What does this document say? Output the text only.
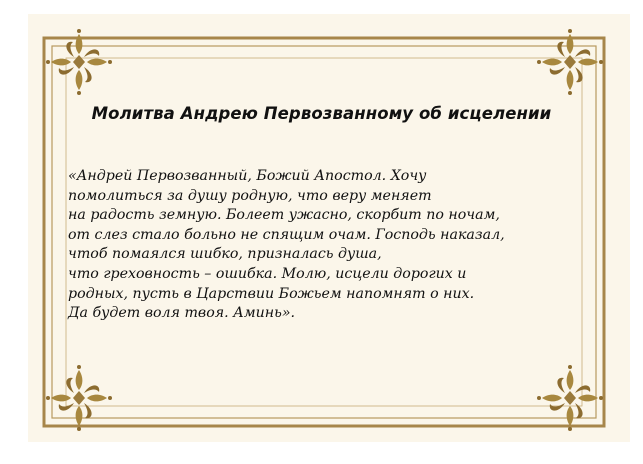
Молитва Андрею Первозванному об исцелении
«Андрей Первозванный, Божий Апостол. Хочу
помолиться за душу родную, что веру меняет
на радость земную. Болеет ужасно, скорбит по ночам,
от слез стало больно не спящим очам. Господь наказал,
чтоб помаялся шибко, призналась душа,
что греховность – ошибка. Молю, исцели дорогих и
родных, пусть в Царствии Божьем напомнят о них.
Да будет воля твоя. Аминь».
